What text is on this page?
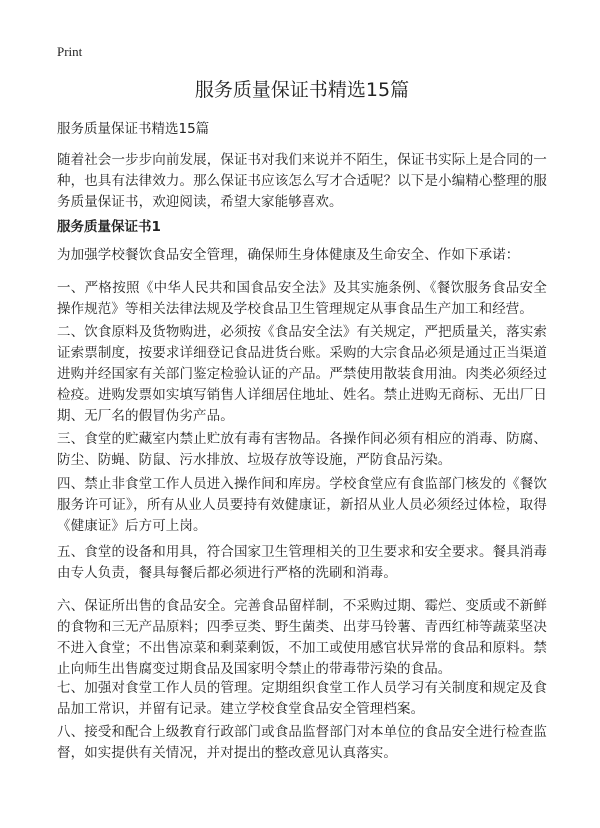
Print
服务质量保证书精选15篇

服务质量保证书精选15篇

随着社会一步步向前发展，保证书对我们来说并不陌生，保证书实际上是合同的一种，也具有法律效力。那么保证书应该怎么写才合适呢？以下是小编精心整理的服务质量保证书，欢迎阅读，希望大家能够喜欢。

服务质量保证书1

为加强学校餐饮食品安全管理，确保师生身体健康及生命安全、作如下承诺：

一、严格按照《中华人民共和国食品安全法》及其实施条例、《餐饮服务食品安全操作规范》等相关法律法规及学校食品卫生管理规定从事食品生产加工和经营。

二、饮食原料及货物购进，必须按《食品安全法》有关规定，严把质量关，落实索证索票制度，按要求详细登记食品进货台账。采购的大宗食品必须是通过正当渠道进购并经国家有关部门鉴定检验认证的产品。严禁使用散装食用油。肉类必须经过检疫。进购发票如实填写销售人详细居住地址、姓名。禁止进购无商标、无出厂日期、无厂名的假冒伪劣产品。

三、食堂的贮藏室内禁止贮放有毒有害物品。各操作间必须有相应的消毒、防腐、防尘、防蝇、防鼠、污水排放、垃圾存放等设施，严防食品污染。

四、禁止非食堂工作人员进入操作间和库房。学校食堂应有食监部门核发的《餐饮服务许可证》，所有从业人员要持有效健康证，新招从业人员必须经过体检，取得《健康证》后方可上岗。

五、食堂的设备和用具，符合国家卫生管理相关的卫生要求和安全要求。餐具消毒由专人负责，餐具每餐后都必须进行严格的洗刷和消毒。

六、保证所出售的食品安全。完善食品留样制，不采购过期、霉烂、变质或不新鲜的食物和三无产品原料；四季豆类、野生菌类、出芽马铃薯、青西红柿等蔬菜坚决不进入食堂；不出售凉菜和剩菜剩饭，不加工或使用感官状异常的食品和原料。禁止向师生出售腐变过期食品及国家明令禁止的带毒带污染的食品。

七、加强对食堂工作人员的管理。定期组织食堂工作人员学习有关制度和规定及食品加工常识，并留有记录。建立学校食堂食品安全管理档案。

八、接受和配合上级教育行政部门或食品监督部门对本单位的食品安全进行检查监督，如实提供有关情况，并对提出的整改意见认真落实。
